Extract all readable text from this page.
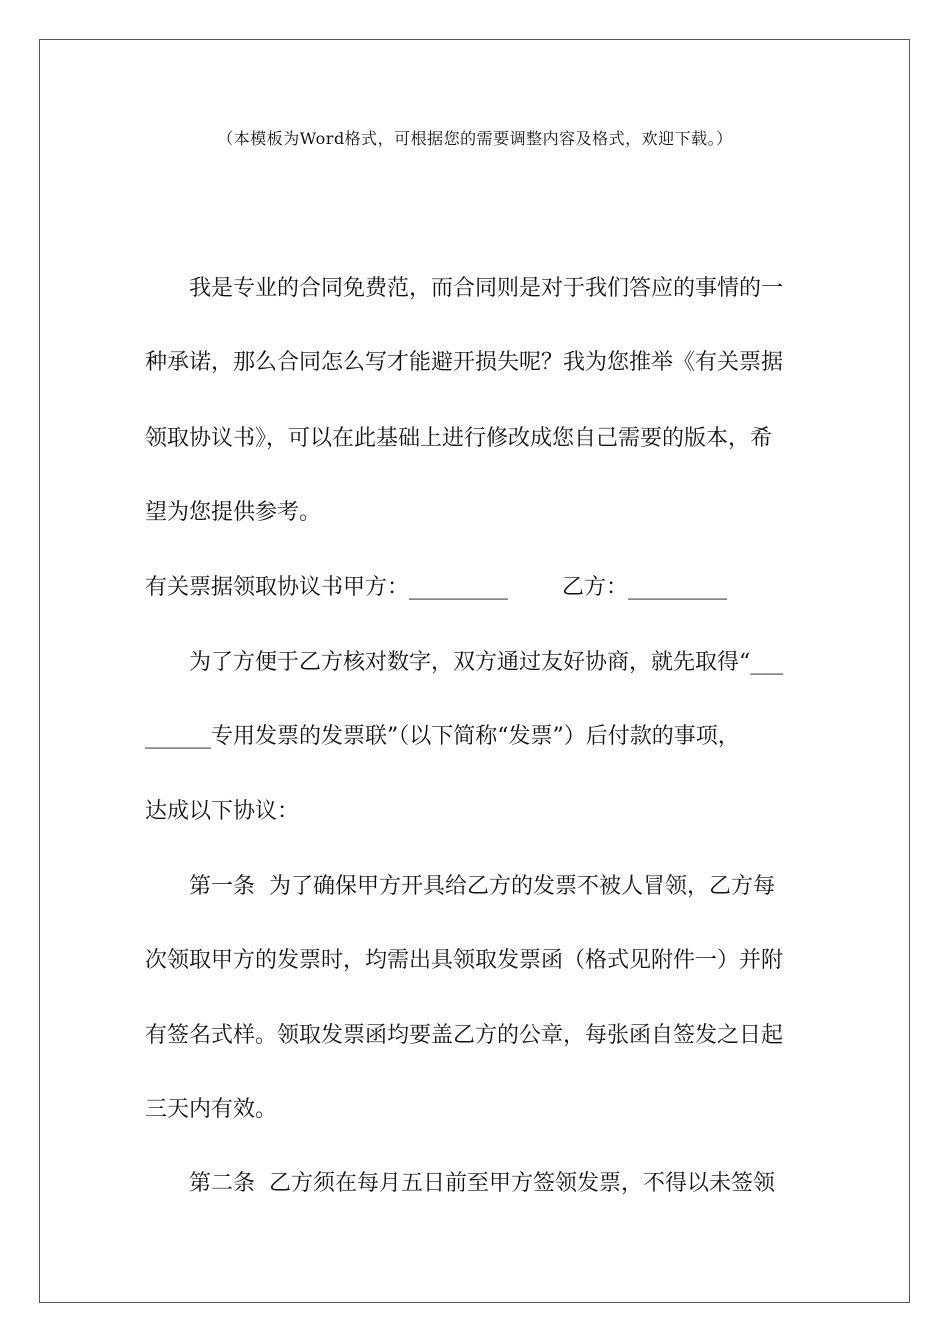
（本模板为Word格式，可根据您的需要调整内容及格式，欢迎下载。）
我是专业的合同免费范，而合同则是对于我们答应的事情的一
种承诺，那么合同怎么写才能避开损失呢？我为您推举《有关票据
领取协议书》，可以在此基础上进行修改成您自己需要的版本，希
望为您提供参考。
有关票据领取协议书甲方：_________ 乙方：_________
为了方便于乙方核对数字，双方通过友好协商，就先取得“___
______专用发票的发票联”（以下简称“发票”）后付款的事项，
达成以下协议：
第一条 为了确保甲方开具给乙方的发票不被人冒领，乙方每
次领取甲方的发票时，均需出具领取发票函（格式见附件一）并附
有签名式样。领取发票函均要盖乙方的公章，每张函自签发之日起
三天内有效。
第二条 乙方须在每月五日前至甲方签领发票，不得以未签领
